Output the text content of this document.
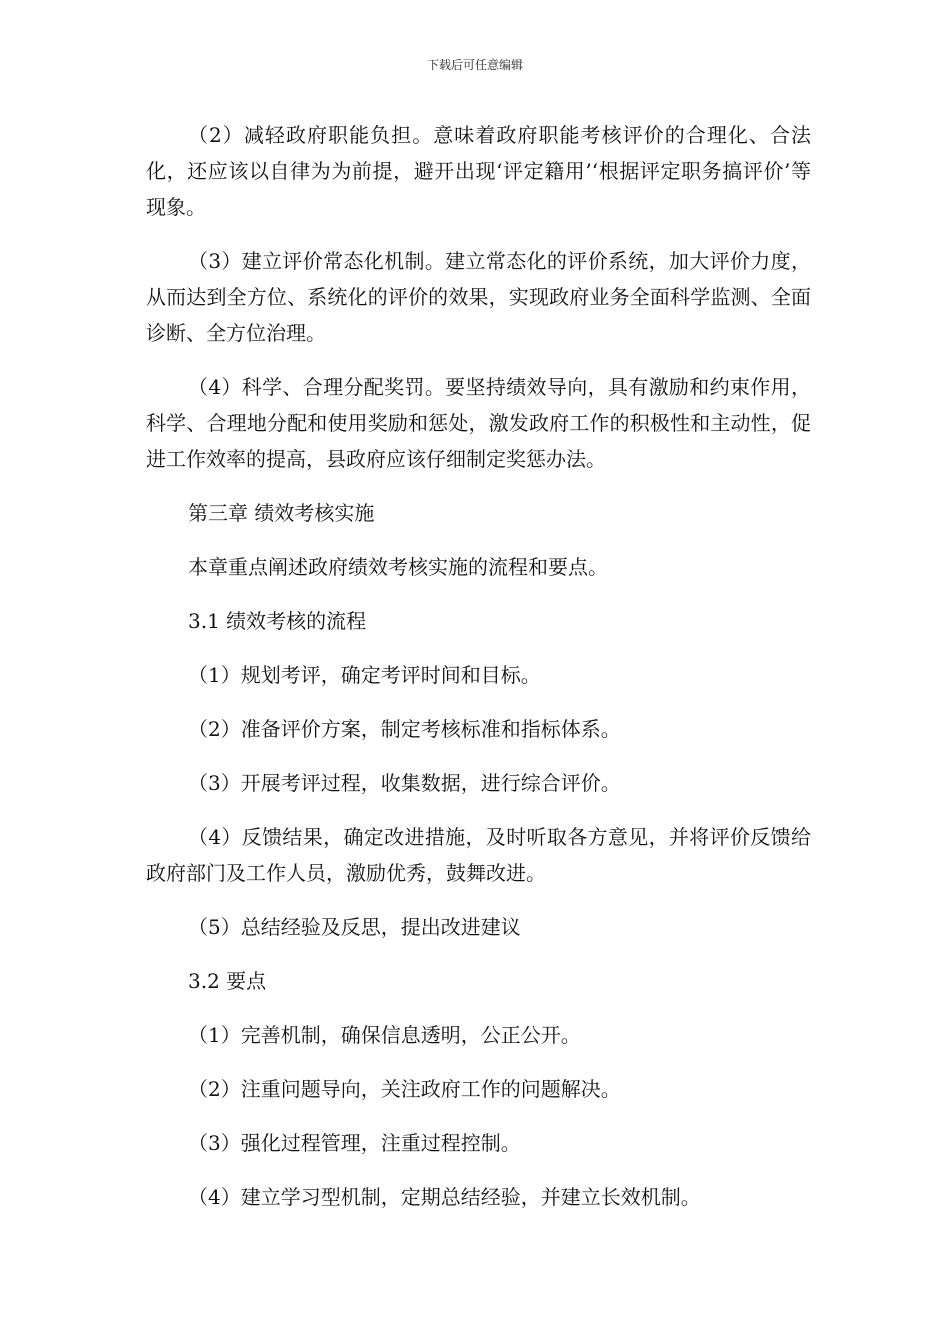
下载后可任意编辑

（2）减轻政府职能负担。意味着政府职能考核评价的合理化、合法化，还应该以自律为为前提，避开出现‘评定籍用’‘根据评定职务搞评价’等现象。

（3）建立评价常态化机制。建立常态化的评价系统，加大评价力度，从而达到全方位、系统化的评价的效果，实现政府业务全面科学监测、全面诊断、全方位治理。

（4）科学、合理分配奖罚。要坚持绩效导向，具有激励和约束作用，科学、合理地分配和使用奖励和惩处，激发政府工作的积极性和主动性，促进工作效率的提高，县政府应该仔细制定奖惩办法。

第三章 绩效考核实施

本章重点阐述政府绩效考核实施的流程和要点。

3.1 绩效考核的流程

（1）规划考评，确定考评时间和目标。

（2）准备评价方案，制定考核标准和指标体系。

（3）开展考评过程，收集数据，进行综合评价。

（4）反馈结果，确定改进措施，及时听取各方意见，并将评价反馈给政府部门及工作人员，激励优秀，鼓舞改进。

（5）总结经验及反思，提出改进建议

3.2 要点

（1）完善机制，确保信息透明，公正公开。

（2）注重问题导向，关注政府工作的问题解决。

（3）强化过程管理，注重过程控制。

（4）建立学习型机制，定期总结经验，并建立长效机制。
